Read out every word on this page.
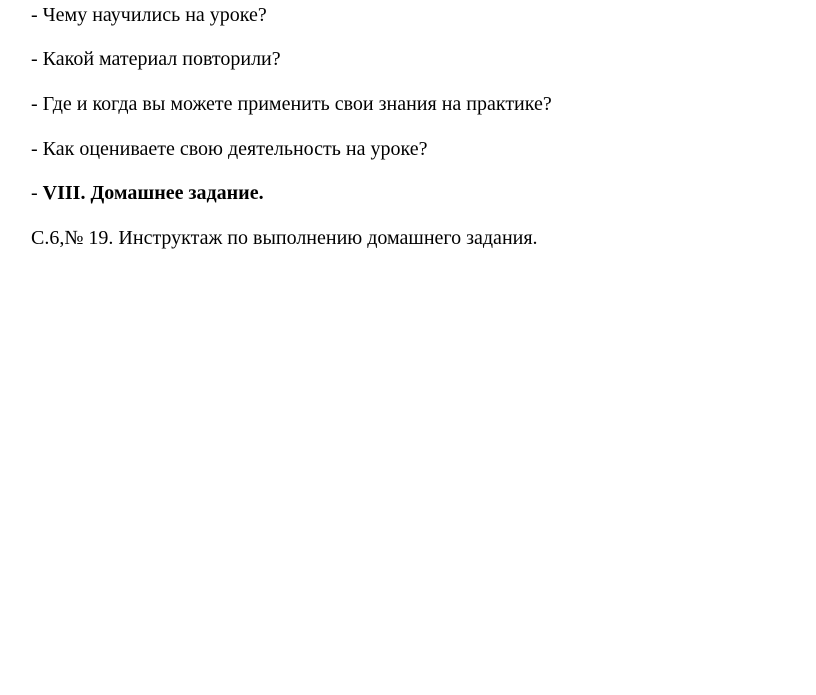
- Чему научились на уроке?
- Какой материал повторили?
- Где и когда вы можете применить свои знания на практике?
- Как оцениваете свою деятельность на уроке?
- VIII. Домашнее задание.
С.6,№ 19. Инструктаж по выполнению домашнего задания.
